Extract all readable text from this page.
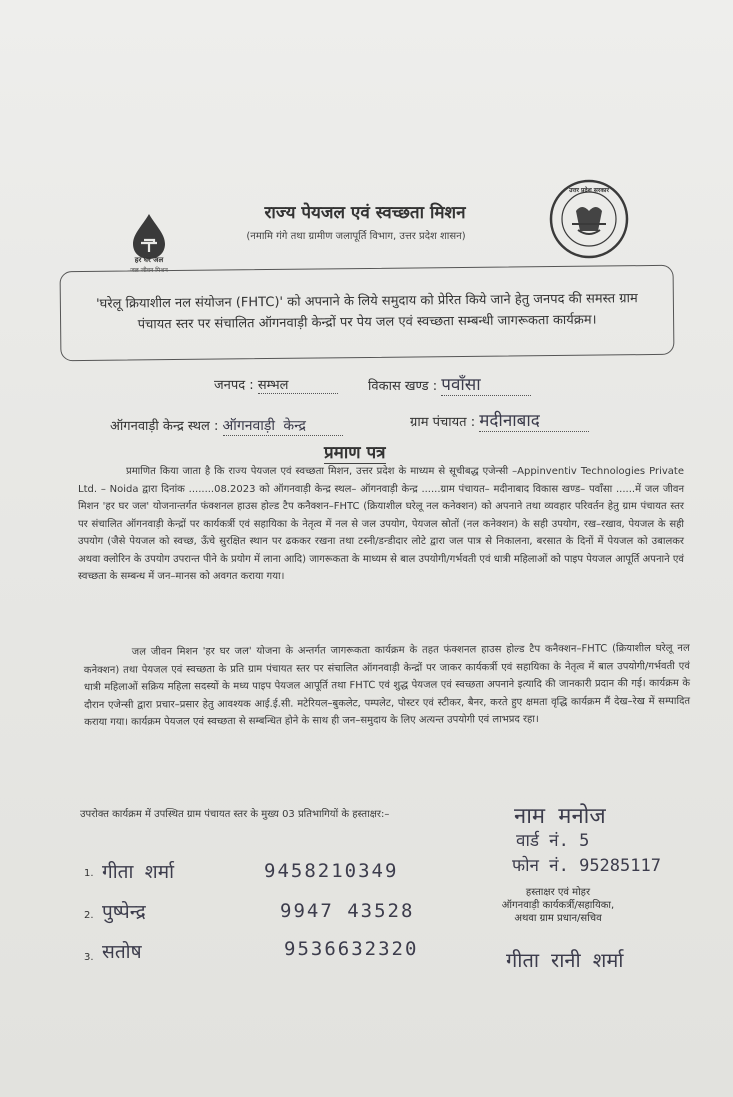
हर घर जल
जल जीवन मिशन
उत्तर प्रदेश सरकार
राज्य पेयजल एवं स्वच्छता मिशन
(नमामि गंगे तथा ग्रामीण जलापूर्ति विभाग, उत्तर प्रदेश शासन)
'घरेलू क्रियाशील नल संयोजन (FHTC)' को अपनाने के लिये समुदाय को प्रेरित किये जाने हेतु जनपद की समस्त ग्राम पंचायत स्तर पर संचालित ऑगनवाड़ी केन्द्रों पर पेय जल एवं स्वच्छता सम्बन्धी जागरूकता कार्यक्रम।
जनपद : सम्भल	विकास खण्ड : पवाँसा
ऑगनवाड़ी केन्द्र स्थल : ऑगनवाड़ी केन्द्र	ग्राम पंचायत : मदीनाबाद
प्रमाण पत्र
प्रमाणित किया जाता है कि राज्य पेयजल एवं स्वच्छता मिशन, उत्तर प्रदेश के माध्यम से सूचीबद्ध एजेन्सी –Appinventiv Technologies Private Ltd. – Noida द्वारा दिनांक ........08.2023 को ऑगनवाड़ी केन्द्र स्थल– ऑगनवाड़ी केन्द्र ......ग्राम पंचायत– मदीनाबाद विकास खण्ड– पवाँसा ......में जल जीवन मिशन 'हर घर जल' योजनान्तर्गत फंक्शनल हाउस होल्ड टैप कनैक्शन–FHTC (क्रियाशील घरेलू नल कनेक्शन) को अपनाने तथा व्यवहार परिवर्तन हेतु ग्राम पंचायत स्तर पर संचालित ऑगनवाड़ी केन्द्रों पर कार्यकर्त्री एवं सहायिका के नेतृत्व में नल से जल उपयोग, पेयजल स्रोतों (नल कनेक्शन) के सही उपयोग, रख–रखाव, पेयजल के सही उपयोग (जैसे पेयजल को स्वच्छ, ऊँचे सुरक्षित स्थान पर ढककर रखना तथा टस्नी/डन्डीदार लोटे द्वारा जल पात्र से निकालना, बरसात के दिनों में पेयजल को उबालकर अथवा क्लोरिन के उपयोग उपरान्त पीने के प्रयोग में लाना आदि) जागरूकता के माध्यम से बाल उपयोगी/गर्भवती एवं धात्री महिलाओं को पाइप पेयजल आपूर्ति अपनाने एवं स्वच्छता के सम्बन्ध में जन–मानस को अवगत कराया गया।
जल जीवन मिशन 'हर घर जल' योजना के अन्तर्गत जागरूकता कार्यक्रम के तहत फंक्शनल हाउस होल्ड टैप कनैक्शन–FHTC (क्रियाशील घरेलू नल कनेक्शन) तथा पेयजल एवं स्वच्छता के प्रति ग्राम पंचायत स्तर पर संचालित ऑगनवाड़ी केन्द्रों पर जाकर कार्यकर्त्री एवं सहायिका के नेतृत्व में बाल उपयोगी/गर्भवती एवं धात्री महिलाओं सक्रिय महिला सदस्यों के मध्य पाइप पेयजल आपूर्ति तथा FHTC एवं शुद्ध पेयजल एवं स्वच्छता अपनाने इत्यादि की जानकारी प्रदान की गई। कार्यक्रम के दौरान एजेन्सी द्वारा प्रचार–प्रसार हेतु आवश्यक आई.ई.सी. मटेरियल–बुकलेट, पम्पलेट, पोस्टर एवं स्टीकर, बैनर, करते हुए क्षमता वृद्धि कार्यक्रम मैं देख–रेख में सम्पादित कराया गया। कार्यक्रम पेयजल एवं स्वच्छता से सम्बन्धित होने के साथ ही जन–समुदाय के लिए अत्यन्त उपयोगी एवं लाभप्रद रहा।
उपरोक्त कार्यक्रम में उपस्थित ग्राम पंचायत स्तर के मुख्य 03 प्रतिभागियों के हस्ताक्षर:–
1. गीता शर्मा	9458210349
2. पुष्पेन्द्र	9947 43528
3. सतोष	9536632320
नाम मनोज
वार्ड नं. 5
फोन नं. 95285117
हस्ताक्षर एवं मोहर
ऑगनवाड़ी कार्यकर्त्री/सहायिका,
अथवा ग्राम प्रधान/सचिव
गीता रानी शर्मा
